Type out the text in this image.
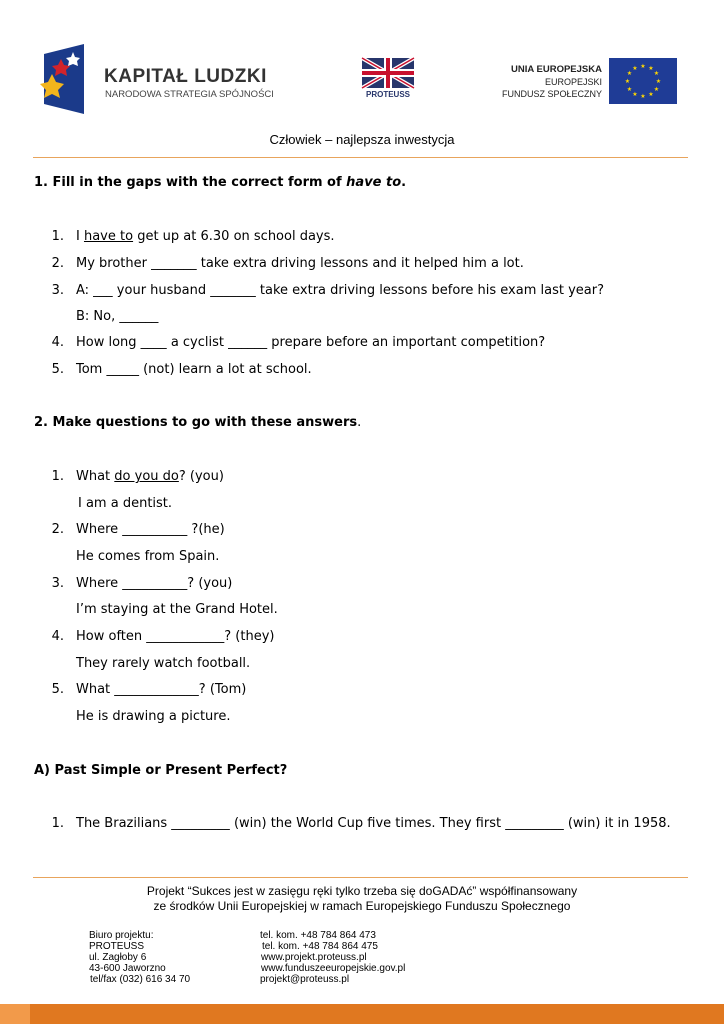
KAPITAŁ LUDZKI
NARODOWA STRATEGIA SPÓJNOŚCI	PROTEUSS
UNIA EUROPEJSKA
EUROPEJSKI
FUNDUSZ SPOŁECZNY
★ ★
★
★
★
★
★
★
★
★
★
★
Człowiek – najlepsza inwestycja
1. Fill in the gaps with the correct form of have to.
1. I have to get up at 6.30 on school days.
2. My brother _______ take extra driving lessons and it helped him a lot.
3. A: ___ your husband _______ take extra driving lessons before his exam last year?
B: No, ______
4. How long ____ a cyclist ______ prepare before an important competition?
5. Tom _____ (not) learn a lot at school.
2. Make questions to go with these answers.
1. What do you do? (you)
I am a dentist.
2. Where __________ ?(he)
He comes from Spain.
3. Where __________? (you)
I’m staying at the Grand Hotel.
4. How often ____________? (they)
They rarely watch football.
5. What _____________? (Tom)
He is drawing a picture.
A) Past Simple or Present Perfect?
1. The Brazilians _________ (win) the World Cup five times. They first _________ (win) it in 1958.
Projekt “Sukces jest w zasięgu ręki tylko trzeba się doGADAć” współfinansowany
ze środków Unii Europejskiej w ramach Europejskiego Funduszu Społecznego
Biuro projektu:
PROTEUSS
ul. Zagłoby 6
43-600 Jaworzno
tel/fax (032) 616 34 70
tel. kom. +48 784 864 473
tel. kom. +48 784 864 475
www.projekt.proteuss.pl
www.funduszeeuropejskie.gov.pl
projekt@proteuss.pl
